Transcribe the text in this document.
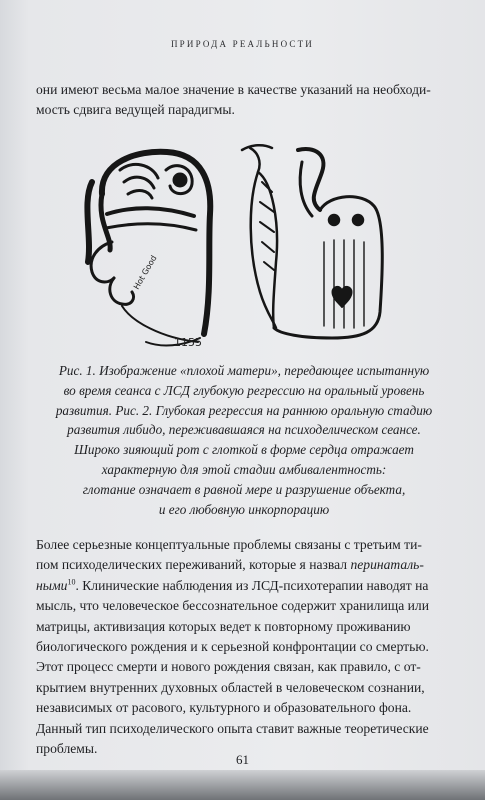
ПРИРОДА РЕАЛЬНОСТИ

они имеют весьма малое значение в качестве указаний на необходи-
мость сдвига ведущей парадигмы.

Hot Good
1155

Рис. 1. Изображение «плохой матери», передающее испытанную
во время сеанса с ЛСД глубокую регрессию на оральный уровень
развития. Рис. 2. Глубокая регрессия на раннюю оральную стадию
развития либидо, переживавшаяся на психоделическом сеансе.
Широко зияющий рот с глоткой в форме сердца отражает
характерную для этой стадии амбивалентность:
глотание означает в равной мере и разрушение объекта,
и его любовную инкорпорацию

Более серьезные концептуальные проблемы связаны с третьим ти-
пом психоделических переживаний, которые я назвал перинаталь-
ными$^{10}$. Клинические наблюдения из ЛСД-психотерапии наводят на
мысль, что человеческое бессознательное содержит хранилища или
матрицы, активизация которых ведет к повторному проживанию
биологического рождения и к серьезной конфронтации со смертью.
Этот процесс смерти и нового рождения связан, как правило, с от-
крытием внутренних духовных областей в человеческом сознании,
независимых от расового, культурного и образовательного фона.
Данный тип психоделического опыта ставит важные теоретические
проблемы.

61
